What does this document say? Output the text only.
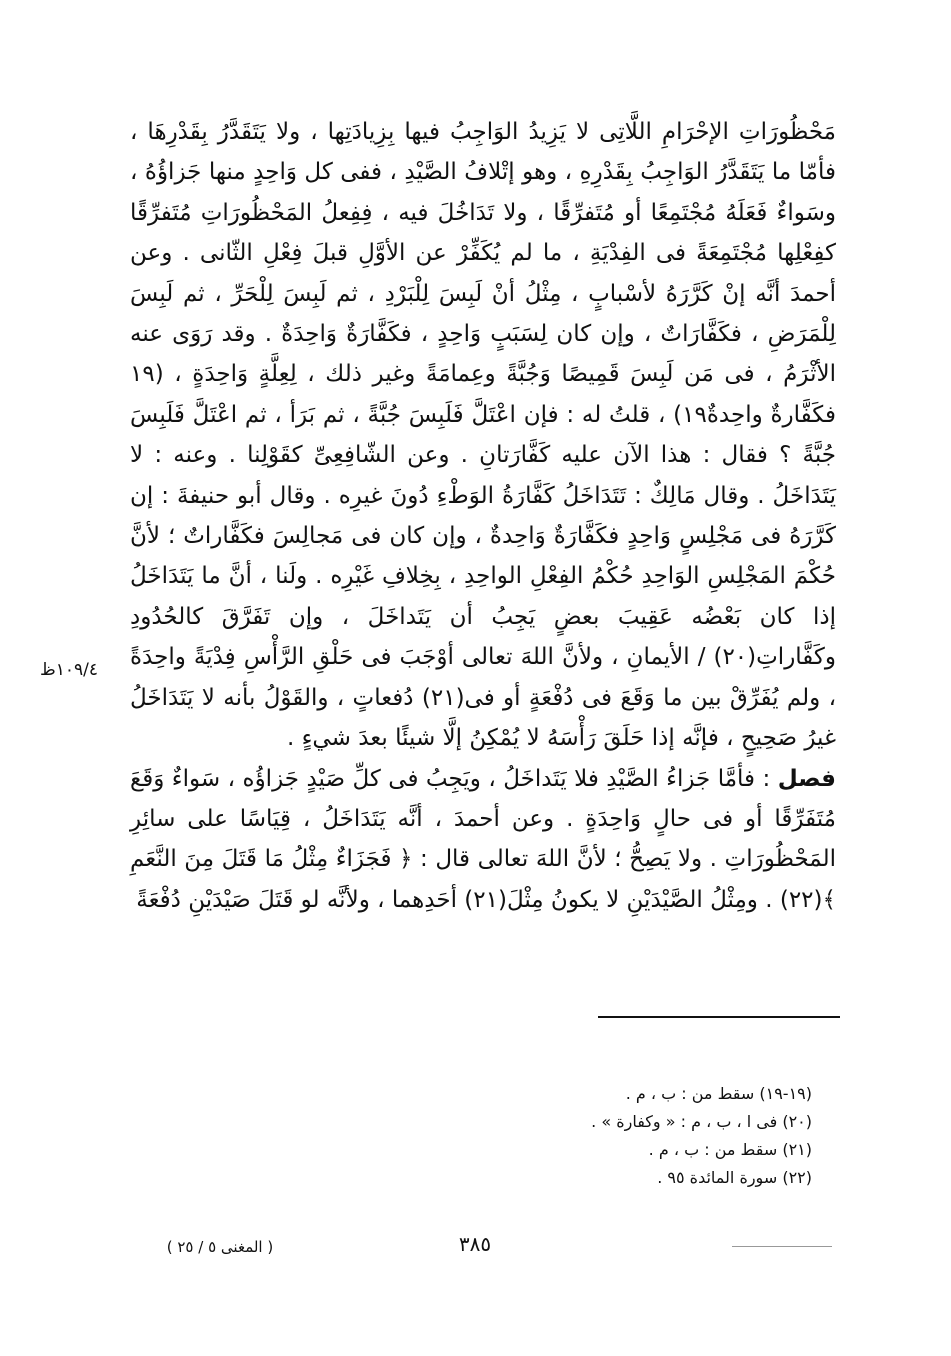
مَحْظُورَاتِ الإحْرَامِ اللَّاتِى لا يَزِيدُ الوَاجِبُ فيها بِزِيادَتِها ، ولا يَتَقَدَّرُ بِقَدْرِهَا ، فأمّا ما يَتَقَدَّرُ الوَاجِبُ بِقَدْرِهِ ، وهو إتْلافُ الصَّيْدِ ، ففى كل وَاحِدٍ منها جَزاؤُهُ ، وسَواءٌ فَعَلَهُ مُجْتَمِعًا أو مُتَفرِّقًا ، ولا تَدَاخُلَ فيه ، فِفِعلُ المَحْظُورَاتِ مُتَفرِّقًا كفِعْلِها مُجْتَمِعَةً فى الفِدْيَةِ ، ما لم يُكَفِّرْ عن الأوَّلِ قبلَ فِعْلِ الثّانى . وعن أحمدَ أنَّه إنْ كَرَّرَهُ لأسْبابٍ ، مِثْلُ أنْ لَبِسَ لِلْبَرْدِ ، ثم لَبِسَ لِلْحَرِّ ، ثم لَبِسَ لِلْمَرَضِ ، فكَفَّارَاتٌ ، وإن كان لِسَبَبٍ وَاحِدٍ ، فكَفَّارَةٌ وَاحِدَةٌ . وقد رَوَى عنه الأثْرَمُ ، فى مَن لَبِسَ قَمِيصًا وَجُبَّةً وعِمامَةً وغير ذلك ، لِعِلَّةٍ وَاحِدَةٍ ، (١٩ فكَفَّارةٌ واحِدةٌ١٩) ، قلتُ له : فإن اعْتَلَّ فَلَبِسَ جُبَّةً ، ثم بَرَأ ، ثم اعْتَلَّ فَلَبِسَ جُبَّةً ؟ فقال : هذا الآن عليه كَفَّارَتانِ . وعن الشّافِعِىِّ كقَوْلِنا . وعنه : لا يَتَدَاخَلُ . وقال مَالِكٌ : تَتَدَاخَلُ كَفَّارَةُ الوَطْءِ دُونَ غيرِه . وقال أبو حنيفةَ : إن كَرَّرَهُ فى مَجْلِسٍ وَاحِدٍ فكَفَّارَةٌ وَاحِدةٌ ، وإن كان فى مَجالِسَ فكَفَّاراتٌ ؛ لأنَّ حُكْمَ المَجْلِسِ الوَاحِدِ حُكْمُ الفِعْلِ الواحِدِ ، بِخِلافِ غَيْرِه . ولَنا ، أنَّ ما يَتَدَاخَلُ إذا كان بَعْضُه عَقِيبَ بعضٍ يَجِبُ أن يَتَداخَلَ ، وإن تَفَرَّقَ كالحُدُودِ وكَفَّاراتِ(٢٠) / الأيمانِ ، ولأنَّ اللهَ تعالى أوْجَبَ فى حَلْقِ الرَّأْسِ فِدْيَةً واحِدَةً ، ولم يُفَرِّقْ بين ما وَقَعَ فى دُفْعَةٍ أو فى(٢١) دُفعاتٍ ، والقَوْلُ بأنه لا يَتَدَاخَلُ غيرُ صَحِيحٍ ، فإنَّه إذا حَلَقَ رَأْسَهُ لا يُمْكِنُ إلَّا شيئًا بعدَ شيءٍ .

فصل : فأمَّا جَزاءُ الصَّيْدِ فلا يَتَداخَلُ ، ويَجِبُ فى كلِّ صَيْدٍ جَزاؤُه ، سَواءٌ وَقَعَ مُتَفَرِّقًا أو فى حالٍ وَاحِدَةٍ . وعن أحمدَ ، أنَّه يَتَدَاخَلُ ، قِيَاسًا على سائِرِ المَحْظُورَاتِ . ولا يَصِحُّ ؛ لأنَّ اللهَ تعالى قال : ﴿ فَجَزَاءٌ مِثْلُ مَا قَتَلَ مِنَ النَّعَمِ ﴾(٢٢) . ومِثْلُ الصَّيْدَيْنِ لا يكونُ مِثْلَ(٢١) أحَدِهما ، ولأنَّه لو قَتَلَ صَيْدَيْنِ دُفْعَةً

١٠٩/٤ظ
(١٩-١٩) سقط من : ب ، م .
(٢٠) فى ا ، ب ، م : « وكفارة » .
(٢١) سقط من : ب ، م .
(٢٢) سورة المائدة ٩٥ .
٣٨٥
( المغنى ٥ / ٢٥ )
